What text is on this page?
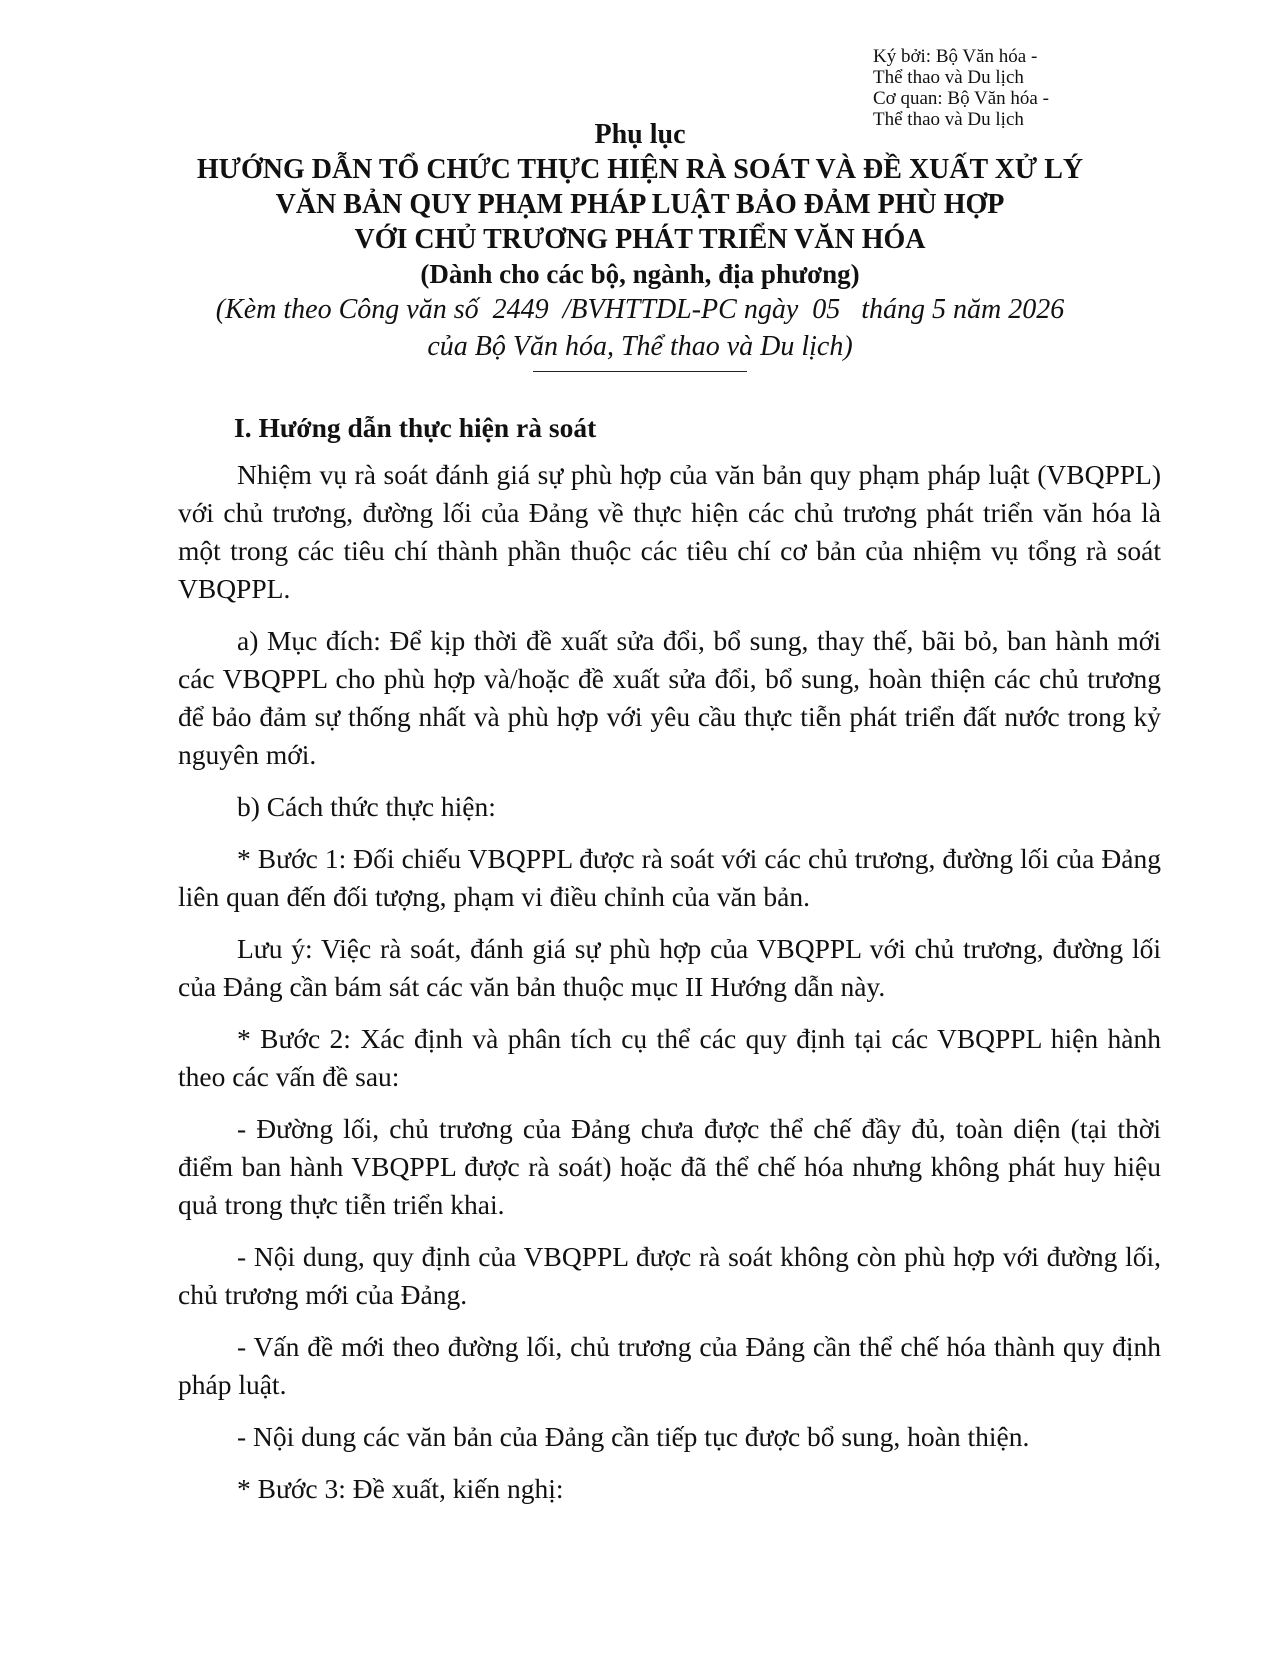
Ký bởi: Bộ Văn hóa -
Thể thao và Du lịch
Cơ quan: Bộ Văn hóa -
Thể thao và Du lịch
Phụ lục
HƯỚNG DẪN TỔ CHỨC THỰC HIỆN RÀ SOÁT VÀ ĐỀ XUẤT XỬ LÝ
VĂN BẢN QUY PHẠM PHÁP LUẬT BẢO ĐẢM PHÙ HỢP
VỚI CHỦ TRƯƠNG PHÁT TRIỂN VĂN HÓA
(Dành cho các bộ, ngành, địa phương)
(Kèm theo Công văn số  2449  /BVHTTDL-PC ngày  05   tháng 5 năm 2026
của Bộ Văn hóa, Thể thao và Du lịch)
I. Hướng dẫn thực hiện rà soát

Nhiệm vụ rà soát đánh giá sự phù hợp của văn bản quy phạm pháp luật (VBQPPL) với chủ trương, đường lối của Đảng về thực hiện các chủ trương phát triển văn hóa là một trong các tiêu chí thành phần thuộc các tiêu chí cơ bản của nhiệm vụ tổng rà soát VBQPPL.

a) Mục đích: Để kịp thời đề xuất sửa đổi, bổ sung, thay thế, bãi bỏ, ban hành mới các VBQPPL cho phù hợp và/hoặc đề xuất sửa đổi, bổ sung, hoàn thiện các chủ trương để bảo đảm sự thống nhất và phù hợp với yêu cầu thực tiễn phát triển đất nước trong kỷ nguyên mới.

b) Cách thức thực hiện:

* Bước 1: Đối chiếu VBQPPL được rà soát với các chủ trương, đường lối của Đảng liên quan đến đối tượng, phạm vi điều chỉnh của văn bản.

Lưu ý: Việc rà soát, đánh giá sự phù hợp của VBQPPL với chủ trương, đường lối của Đảng cần bám sát các văn bản thuộc mục II Hướng dẫn này.

* Bước 2: Xác định và phân tích cụ thể các quy định tại các VBQPPL hiện hành theo các vấn đề sau:

- Đường lối, chủ trương của Đảng chưa được thể chế đầy đủ, toàn diện (tại thời điểm ban hành VBQPPL được rà soát) hoặc đã thể chế hóa nhưng không phát huy hiệu quả trong thực tiễn triển khai.

- Nội dung, quy định của VBQPPL được rà soát không còn phù hợp với đường lối, chủ trương mới của Đảng.

- Vấn đề mới theo đường lối, chủ trương của Đảng cần thể chế hóa thành quy định pháp luật.

- Nội dung các văn bản của Đảng cần tiếp tục được bổ sung, hoàn thiện.

* Bước 3: Đề xuất, kiến nghị:
